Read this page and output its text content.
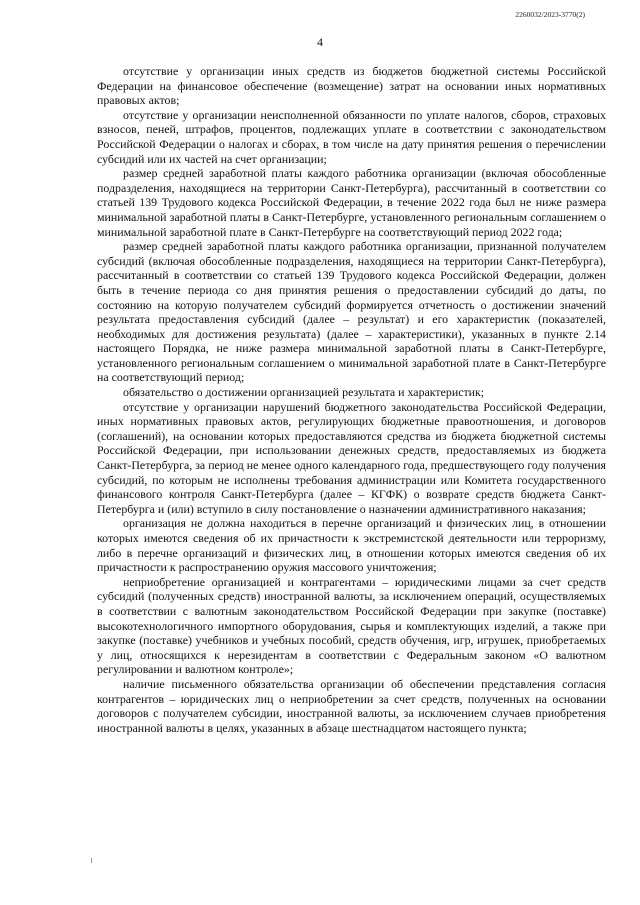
2260032/2023-3770(2)
4

отсутствие у организации иных средств из бюджетов бюджетной системы Российской Федерации на финансовое обеспечение (возмещение) затрат на основании иных нормативных правовых актов;

отсутствие у организации неисполненной обязанности по уплате налогов, сборов, страховых взносов, пеней, штрафов, процентов, подлежащих уплате в соответствии с законодательством Российской Федерации о налогах и сборах, в том числе на дату принятия решения о перечислении субсидий или их частей на счет организации;

размер средней заработной платы каждого работника организации (включая обособленные подразделения, находящиеся на территории Санкт-Петербурга), рассчитанный в соответствии со статьей 139 Трудового кодекса Российской Федерации, в течение 2022 года был не ниже размера минимальной заработной платы в Санкт-Петербурге, установленного региональным соглашением о минимальной заработной плате в Санкт-Петербурге на соответствующий период 2022 года;

размер средней заработной платы каждого работника организации, признанной получателем субсидий (включая обособленные подразделения, находящиеся на территории Санкт-Петербурга), рассчитанный в соответствии со статьей 139 Трудового кодекса Российской Федерации, должен быть в течение периода со дня принятия решения о предоставлении субсидий до даты, по состоянию на которую получателем субсидий формируется отчетность о достижении значений результата предоставления субсидий (далее – результат) и его характеристик (показателей, необходимых для достижения результата) (далее – характеристики), указанных в пункте 2.14 настоящего Порядка, не ниже размера минимальной заработной платы в Санкт-Петербурге, установленного региональным соглашением о минимальной заработной плате в Санкт-Петербурге на соответствующий период;

обязательство о достижении организацией результата и характеристик;

отсутствие у организации нарушений бюджетного законодательства Российской Федерации, иных нормативных правовых актов, регулирующих бюджетные правоотношения, и договоров (соглашений), на основании которых предоставляются средства из бюджета бюджетной системы Российской Федерации, при использовании денежных средств, предоставляемых из бюджета Санкт-Петербурга, за период не менее одного календарного года, предшествующего году получения субсидий, по которым не исполнены требования администрации или Комитета государственного финансового контроля Санкт-Петербурга (далее – КГФК) о возврате средств бюджета Санкт-Петербурга и (или) вступило в силу постановление о назначении административного наказания;

организация не должна находиться в перечне организаций и физических лиц, в отношении которых имеются сведения об их причастности к экстремистской деятельности или терроризму, либо в перечне организаций и физических лиц, в отношении которых имеются сведения об их причастности к распространению оружия массового уничтожения;

неприобретение организацией и контрагентами – юридическими лицами за счет средств субсидий (полученных средств) иностранной валюты, за исключением операций, осуществляемых в соответствии с валютным законодательством Российской Федерации при закупке (поставке) высокотехнологичного импортного оборудования, сырья и комплектующих изделий, а также при закупке (поставке) учебников и учебных пособий, средств обучения, игр, игрушек, приобретаемых у лиц, относящихся к нерезидентам в соответствии с Федеральным законом «О валютном регулировании и валютном контроле»;

наличие письменного обязательства организации об обеспечении представления согласия контрагентов – юридических лиц о неприобретении за счет средств, полученных на основании договоров с получателем субсидии, иностранной валюты, за исключением случаев приобретения иностранной валюты в целях, указанных в абзаце шестнадцатом настоящего пункта;
